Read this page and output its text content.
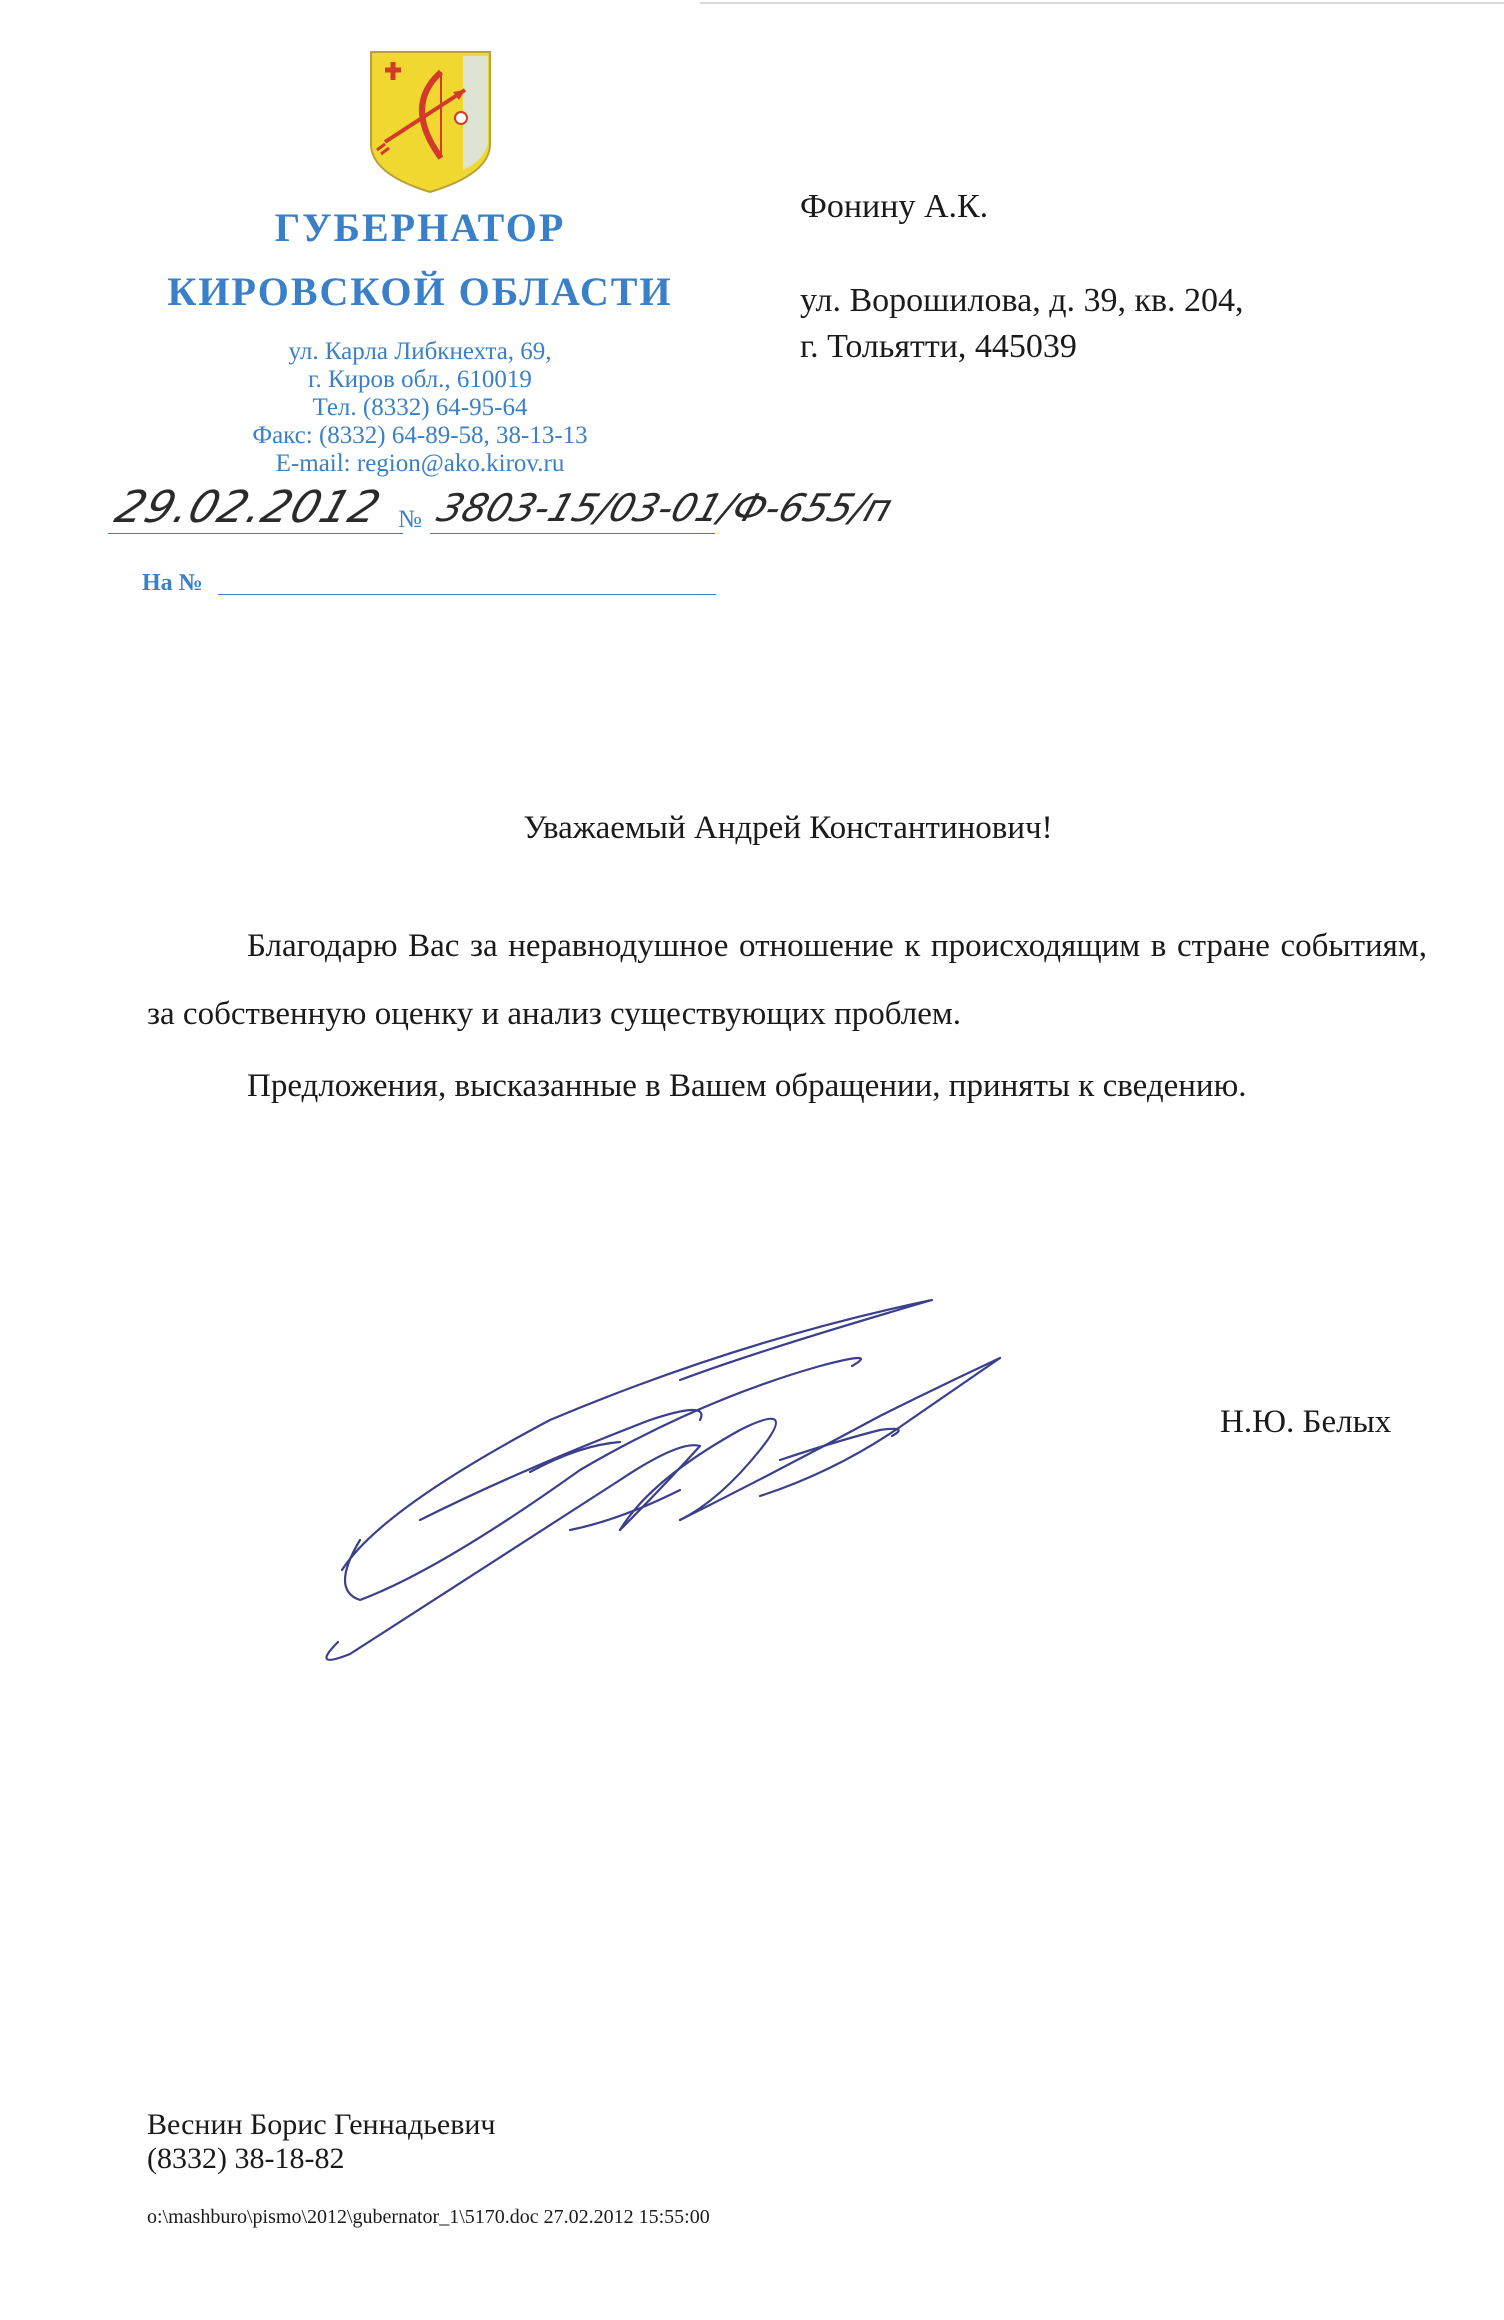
ГУБЕРНАТОР
КИРОВСКОЙ ОБЛАСТИ
ул. Карла Либкнехта, 69,
г. Киров обл., 610019
Тел. (8332) 64-95-64
Факс: (8332) 64-89-58, 38-13-13
E-mail: region@ako.kirov.ru
29.02.2012 № 3803-15/03-01/Ф-655/п
На №
Фонину А.К.
ул. Ворошилова, д. 39, кв. 204,
г. Тольятти, 445039
Уважаемый Андрей Константинович!
Благодарю Вас за неравнодушное отношение к происходящим в стране событиям, за собственную оценку и анализ существующих проблем.
Предложения, высказанные в Вашем обращении, приняты к сведению.
Н.Ю. Белых
Веснин Борис Геннадьевич
(8332) 38-18-82
o:\mashburo\pismo\2012\gubernator_1\5170.doc 27.02.2012 15:55:00
